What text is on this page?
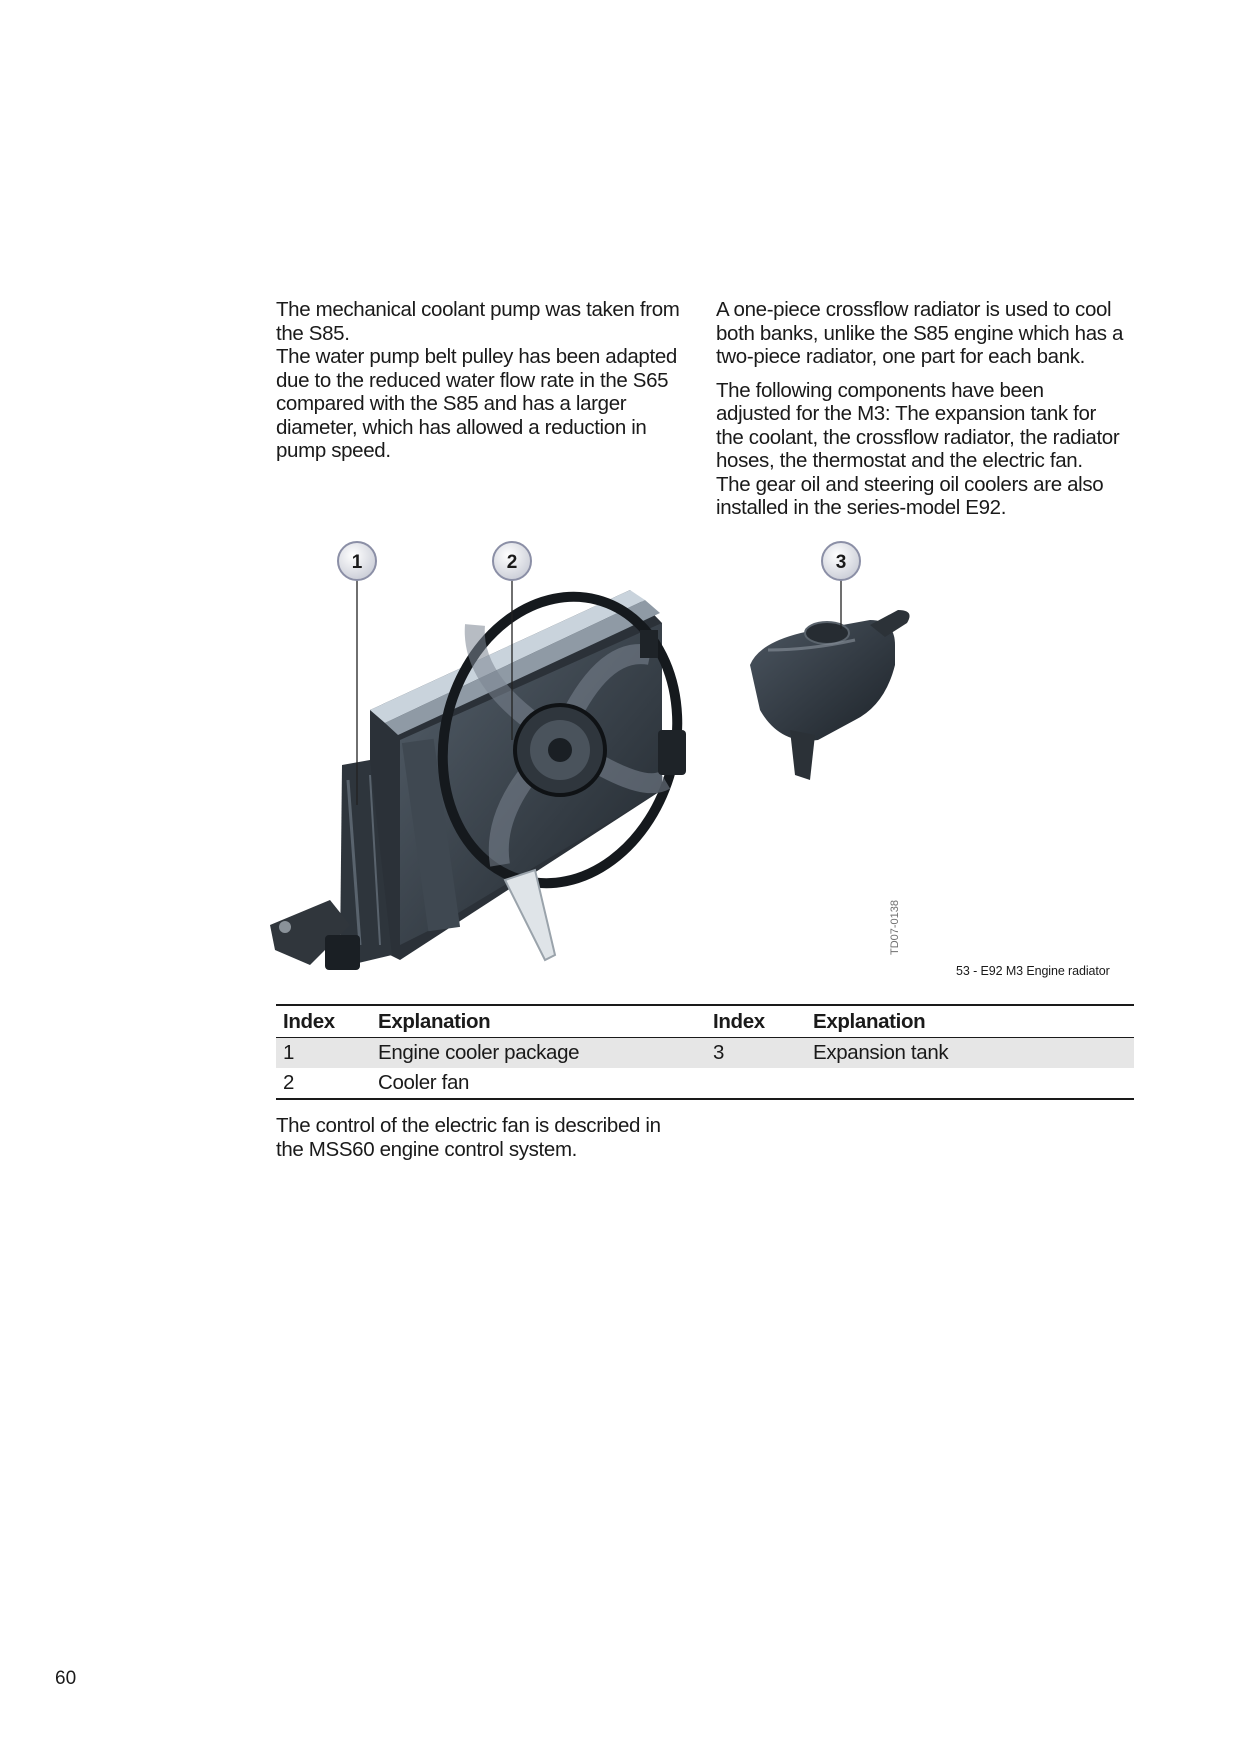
The mechanical coolant pump was taken from
the S85.
The water pump belt pulley has been adapted
due to the reduced water flow rate in the S65
compared with the S85 and has a larger
diameter, which has allowed a reduction in
pump speed.

A one-piece crossflow radiator is used to cool
both banks, unlike the S85 engine which has a
two-piece radiator, one part for each bank.

The following components have been
adjusted for the M3: The expansion tank for
the coolant, the crossflow radiator, the radiator
hoses, the thermostat and the electric fan.
The gear oil and steering oil coolers are also
installed in the series-model E92.

1	2	3
TD07-0138
53 - E92 M3 Engine radiator
Index	Explanation	Index	Explanation
1	Engine cooler package	3	Expansion tank
2	Cooler fan		

The control of the electric fan is described in
the MSS60 engine control system.

60
